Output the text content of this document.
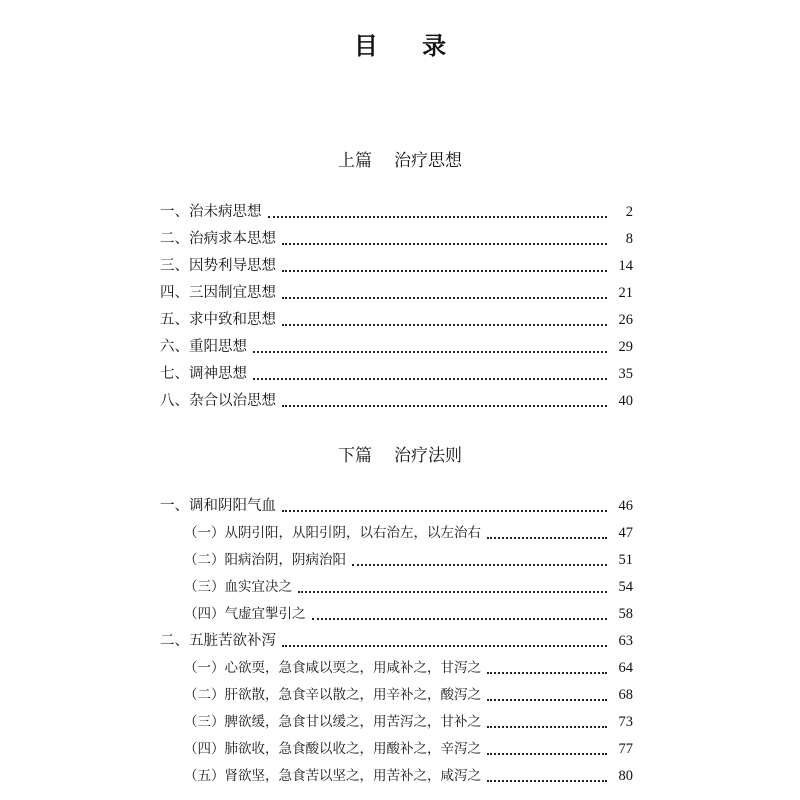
目 录
上篇 治疗思想
一、治未病思想	2
二、治病求本思想	8
三、因势利导思想	14
四、三因制宜思想	21
五、求中致和思想	26
六、重阳思想	29
七、调神思想	35
八、杂合以治思想	40
下篇 治疗法则
一、调和阴阳气血	46
（一）从阴引阳，从阳引阴，以右治左，以左治右	47
（二）阳病治阴，阴病治阳	51
（三）血实宜决之	54
（四）气虚宜掣引之	58
二、五脏苦欲补泻	63
（一）心欲耎，急食咸以耎之，用咸补之，甘泻之	64
（二）肝欲散，急食辛以散之，用辛补之，酸泻之	68
（三）脾欲缓，急食甘以缓之，用苦泻之，甘补之	73
（四）肺欲收，急食酸以收之，用酸补之，辛泻之	77
（五）肾欲坚，急食苦以坚之，用苦补之，咸泻之	80
